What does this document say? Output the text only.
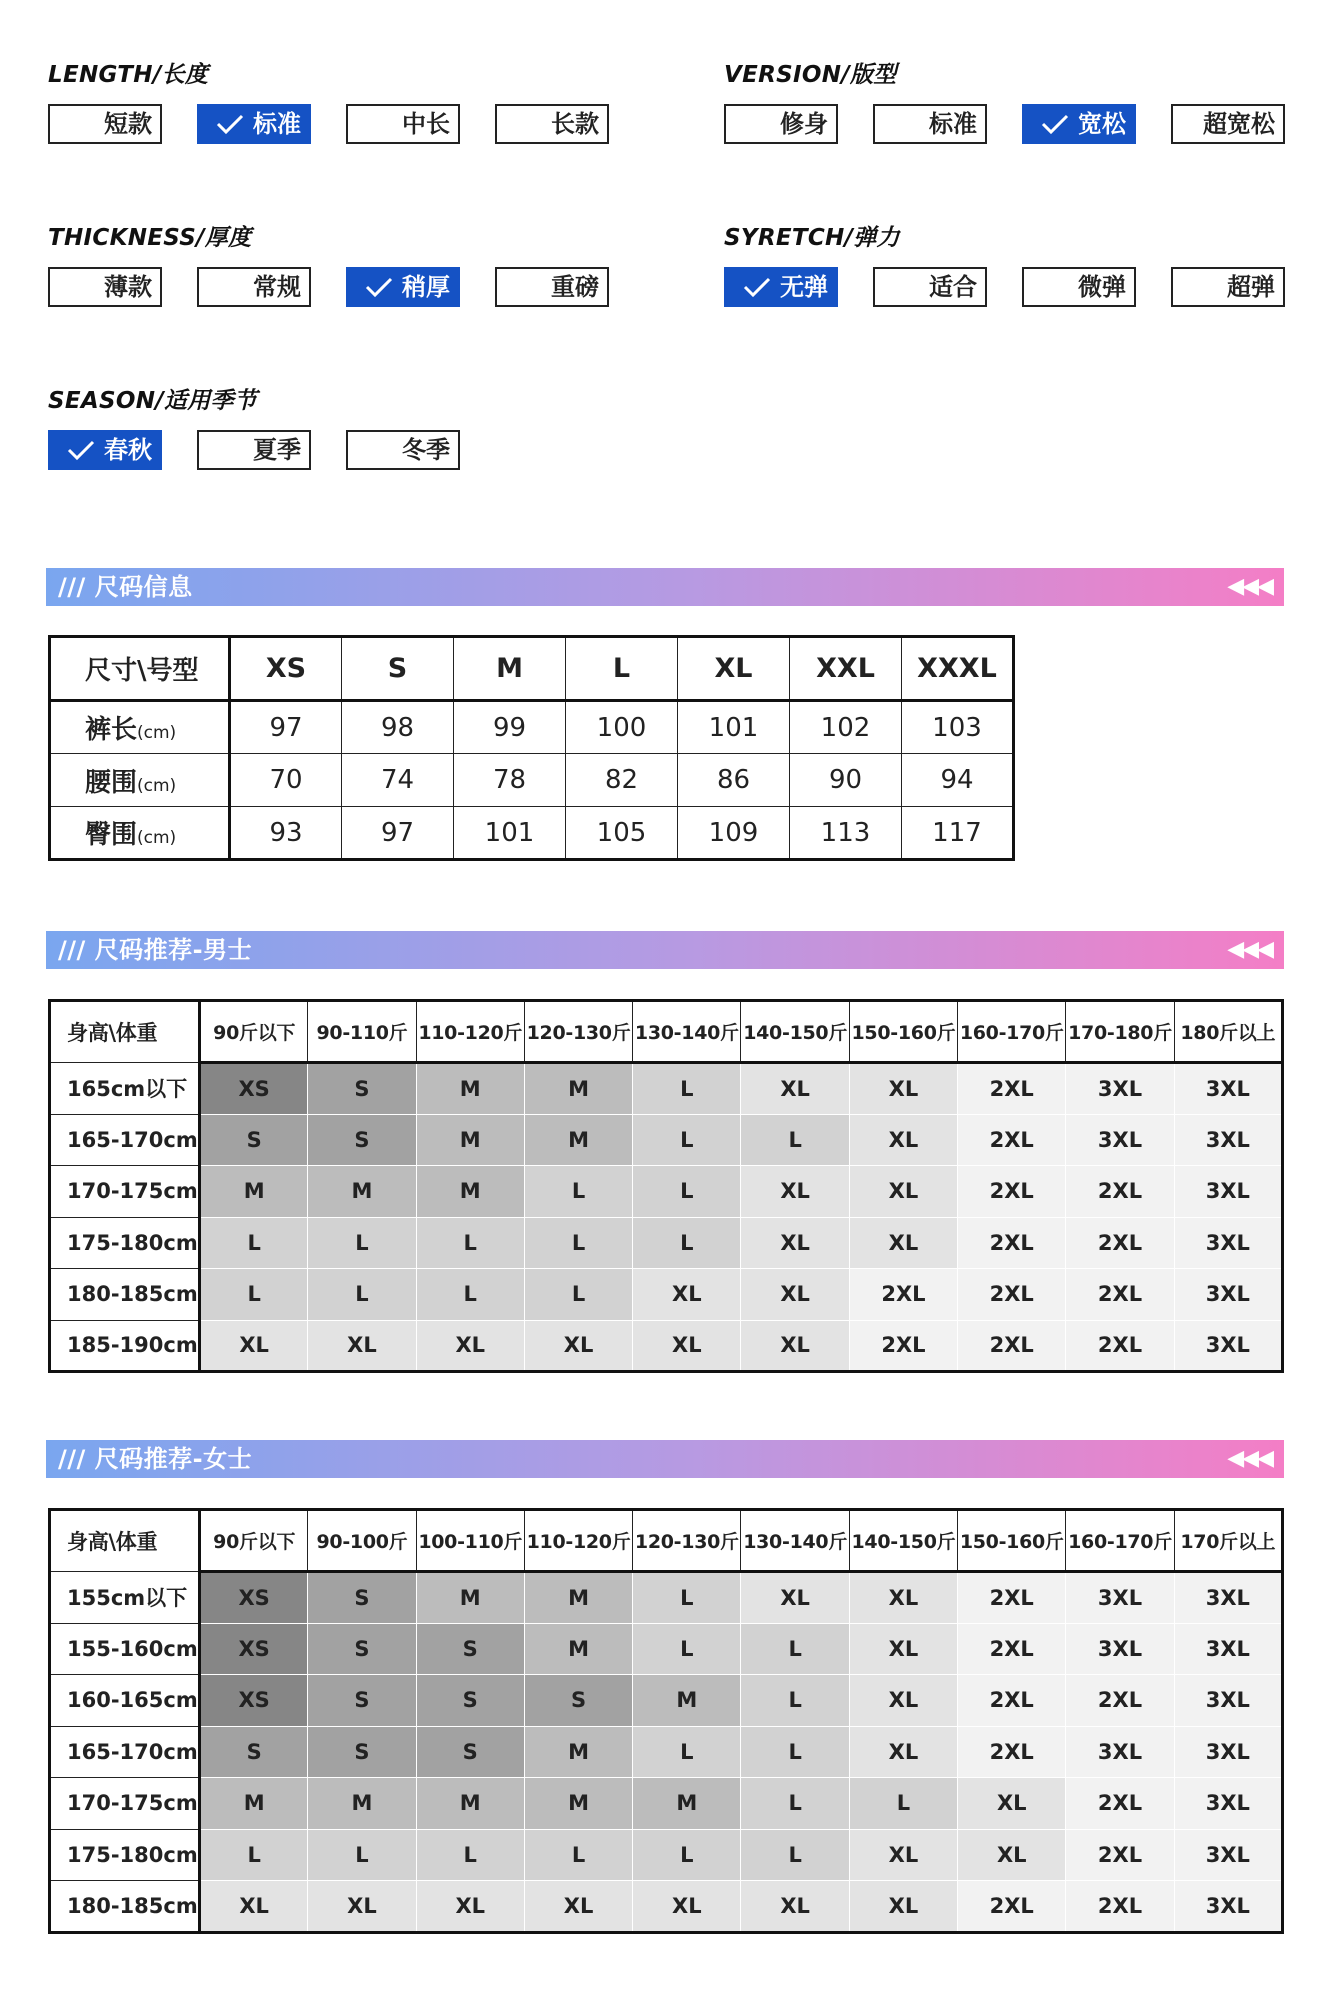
LENGTH/长度
短款	标准	中长	长款
VERSION/版型
修身	标准	宽松	超宽松
THICKNESS/厚度
薄款	常规	稍厚	重磅
SYRETCH/弹力
无弹	适合	微弹	超弹
SEASON/适用季节
春秋	夏季	冬季
/// 尺码信息	◀◀◀
尺寸\号型	XS	S	M	L	XL	XXL	XXXL
裤长(cm)	97	98	99	100	101	102	103
腰围(cm)	70	74	78	82	86	90	94
臀围(cm)	93	97	101	105	109	113	117
/// 尺码推荐-男士	◀◀◀
身高\体重	90斤以下	90-110斤	110-120斤	120-130斤	130-140斤	140-150斤	150-160斤	160-170斤	170-180斤	180斤以上
165cm以下	XS	S	M	M	L	XL	XL	2XL	3XL	3XL
165-170cm	S	S	M	M	L	L	XL	2XL	3XL	3XL
170-175cm	M	M	M	L	L	XL	XL	2XL	2XL	3XL
175-180cm	L	L	L	L	L	XL	XL	2XL	2XL	3XL
180-185cm	L	L	L	L	XL	XL	2XL	2XL	2XL	3XL
185-190cm	XL	XL	XL	XL	XL	XL	2XL	2XL	2XL	3XL
/// 尺码推荐-女士	◀◀◀
身高\体重	90斤以下	90-100斤	100-110斤	110-120斤	120-130斤	130-140斤	140-150斤	150-160斤	160-170斤	170斤以上
155cm以下	XS	S	M	M	L	XL	XL	2XL	3XL	3XL
155-160cm	XS	S	S	M	L	L	XL	2XL	3XL	3XL
160-165cm	XS	S	S	S	M	L	XL	2XL	2XL	3XL
165-170cm	S	S	S	M	L	L	XL	2XL	3XL	3XL
170-175cm	M	M	M	M	M	L	L	XL	2XL	3XL
175-180cm	L	L	L	L	L	L	XL	XL	2XL	3XL
180-185cm	XL	XL	XL	XL	XL	XL	XL	2XL	2XL	3XL
